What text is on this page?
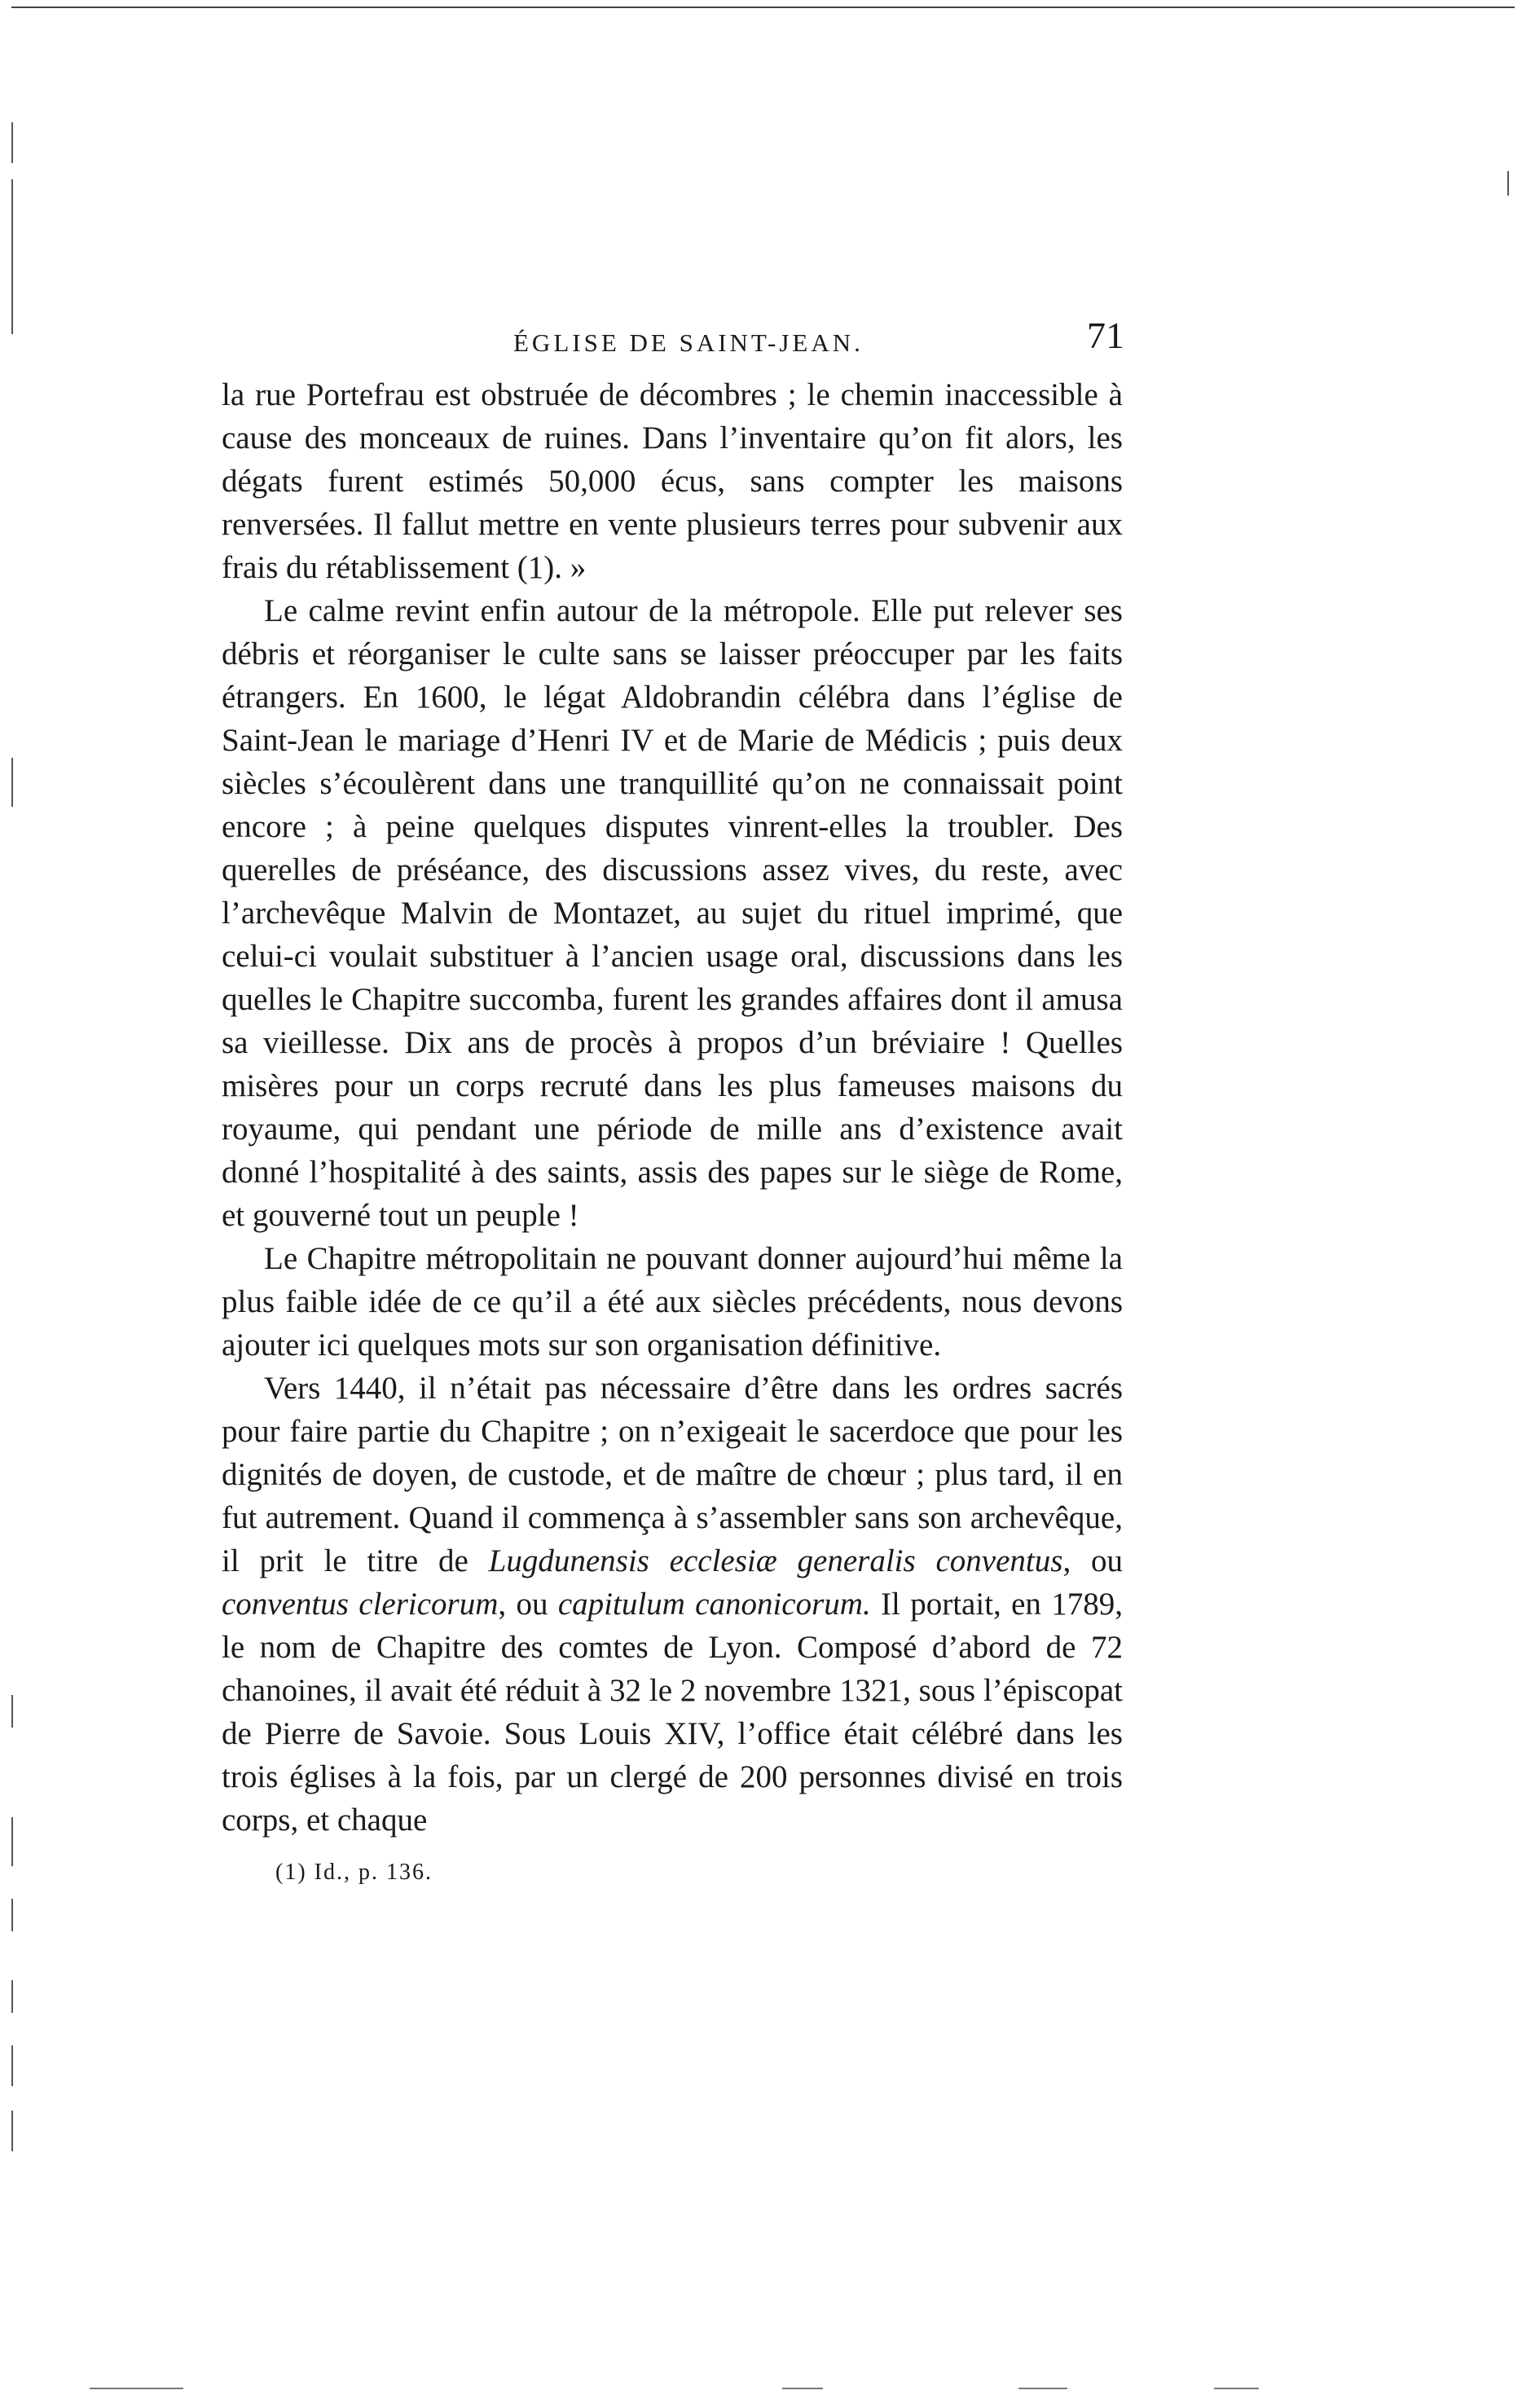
ÉGLISE DE SAINT-JEAN.	71

la rue Portefrau est obstruée de décombres ; le chemin inaccessible à cause des monceaux de ruines. Dans l’inventaire qu’on fit alors, les dégats furent estimés 50,000 écus, sans compter les maisons renversées. Il fallut mettre en vente plusieurs terres pour subvenir aux frais du rétablissement (1). »

Le calme revint enfin autour de la métropole. Elle put relever ses débris et réorganiser le culte sans se laisser préoccuper par les faits étrangers. En 1600, le légat Aldobrandin célébra dans l’église de Saint-Jean le mariage d’Henri IV et de Marie de Médicis ; puis deux siècles s’écoulèrent dans une tranquillité qu’on ne connaissait point encore ; à peine quelques disputes vinrent-elles la troubler. Des querelles de préséance, des discussions assez vives, du reste, avec l’archevêque Malvin de Montazet, au sujet du rituel imprimé, que celui-ci voulait substituer à l’ancien usage oral, discussions dans les quelles le Chapitre succomba, furent les grandes affaires dont il amusa sa vieillesse. Dix ans de procès à propos d’un bréviaire ! Quelles misères pour un corps recruté dans les plus fameuses maisons du royaume, qui pendant une période de mille ans d’existence avait donné l’hospitalité à des saints, assis des papes sur le siège de Rome, et gouverné tout un peuple !

Le Chapitre métropolitain ne pouvant donner aujourd’hui même la plus faible idée de ce qu’il a été aux siècles précédents, nous devons ajouter ici quelques mots sur son organisation définitive.

Vers 1440, il n’était pas nécessaire d’être dans les ordres sacrés pour faire partie du Chapitre ; on n’exigeait le sacerdoce que pour les dignités de doyen, de custode, et de maître de chœur ; plus tard, il en fut autrement. Quand il commença à s’assembler sans son archevêque, il prit le titre de Lugdunensis ecclesiæ generalis conventus, ou conventus clericorum, ou capitulum canonicorum. Il portait, en 1789, le nom de Chapitre des comtes de Lyon. Composé d’abord de 72 chanoines, il avait été réduit à 32 le 2 novembre 1321, sous l’épiscopat de Pierre de Savoie. Sous Louis XIV, l’office était célébré dans les trois églises à la fois, par un clergé de 200 personnes divisé en trois corps, et chaque

(1) Id., p. 136.
